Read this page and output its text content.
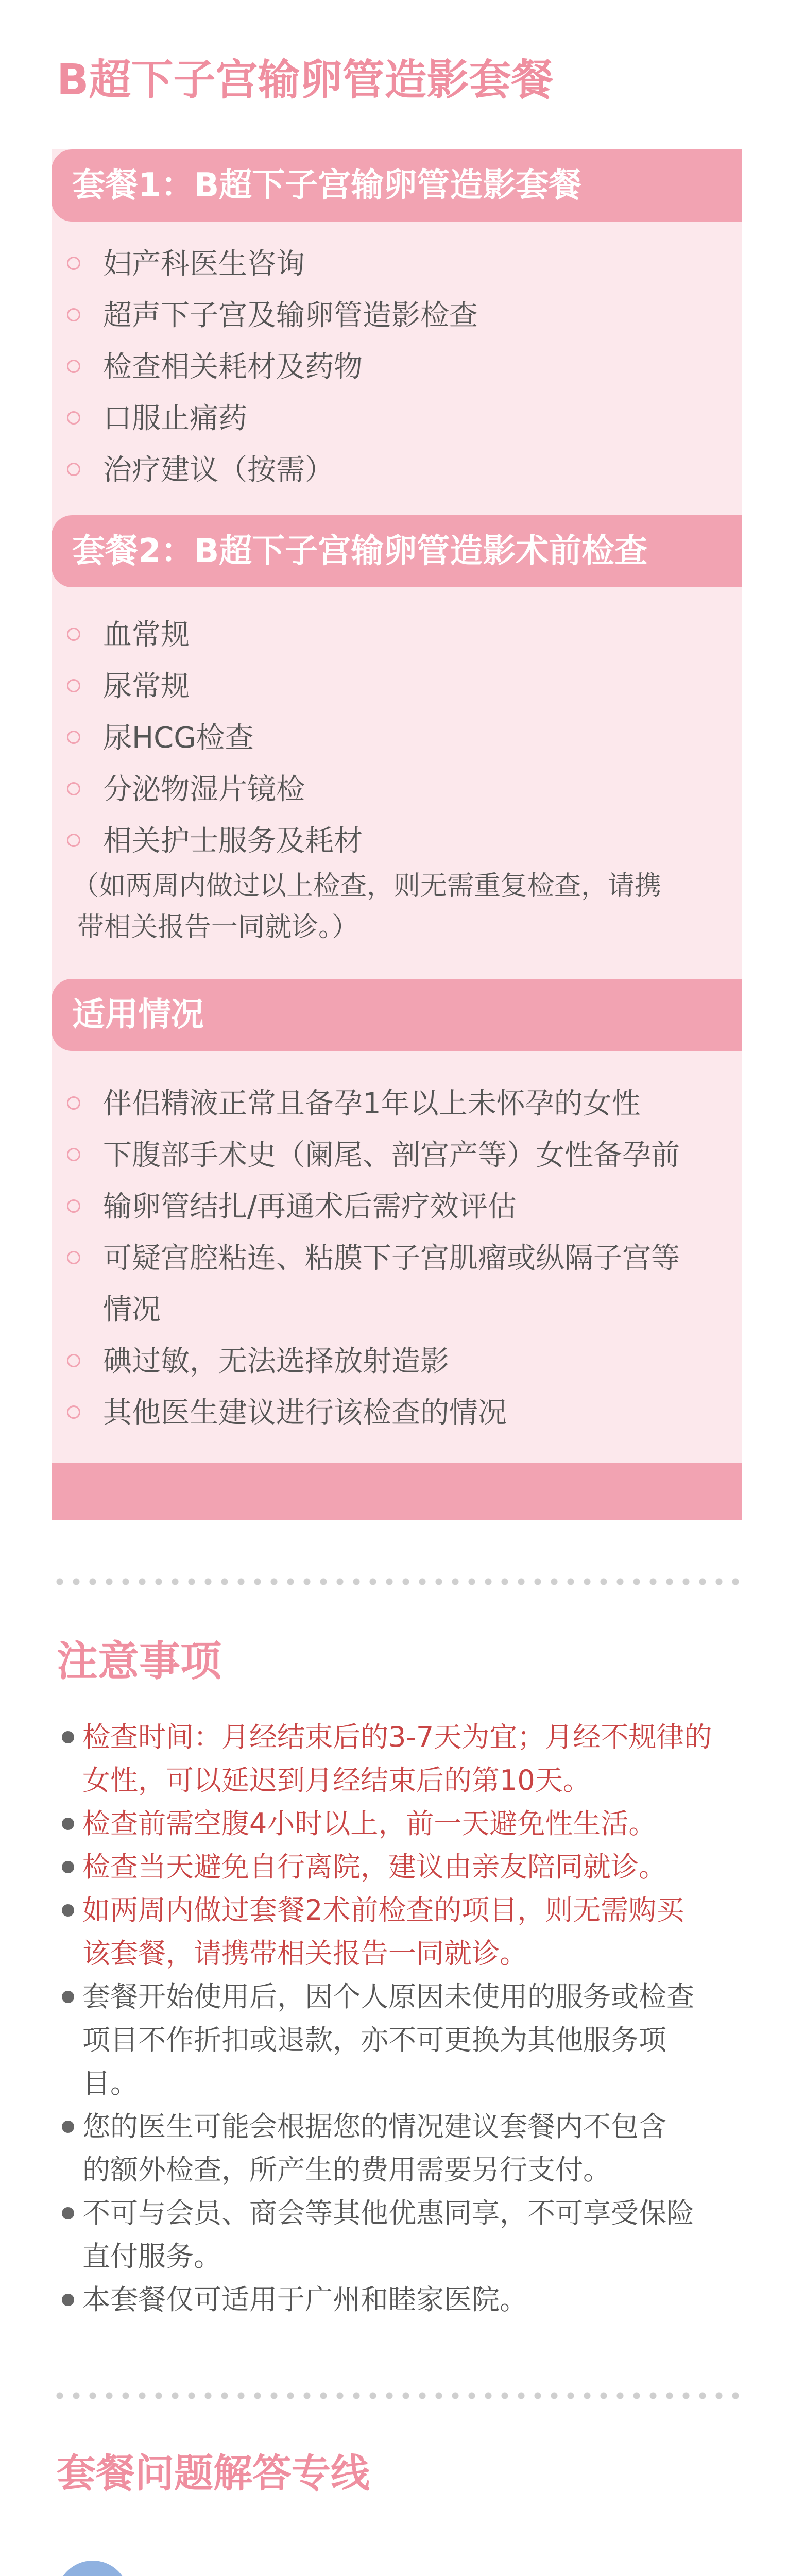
B超下子宫输卵管造影套餐
套餐1：B超下子宫输卵管造影套餐
妇产科医生咨询
超声下子宫及输卵管造影检查
检查相关耗材及药物
口服止痛药
治疗建议（按需）
套餐2：B超下子宫输卵管造影术前检查
血常规
尿常规
尿HCG检查
分泌物湿片镜检
相关护士服务及耗材
（如两周内做过以上检查，则无需重复检查，请携
带相关报告一同就诊。）
适用情况
伴侣精液正常且备孕1年以上未怀孕的女性
下腹部手术史（阑尾、剖宫产等）女性备孕前
输卵管结扎/再通术后需疗效评估
可疑宫腔粘连、粘膜下子宫肌瘤或纵隔子宫等
情况
碘过敏，无法选择放射造影
其他医生建议进行该检查的情况
注意事项
检查时间：月经结束后的3-7天为宜；月经不规律的
女性，可以延迟到月经结束后的第10天。
检查前需空腹4小时以上，前一天避免性生活。
检查当天避免自行离院，建议由亲友陪同就诊。
如两周内做过套餐2术前检查的项目，则无需购买
该套餐，请携带相关报告一同就诊。
套餐开始使用后，因个人原因未使用的服务或检查
项目不作折扣或退款，亦不可更换为其他服务项
目。
您的医生可能会根据您的情况建议套餐内不包含
的额外检查，所产生的费用需要另行支付。
不可与会员、商会等其他优惠同享，不可享受保险
直付服务。
本套餐仅可适用于广州和睦家医院。
套餐问题解答专线
